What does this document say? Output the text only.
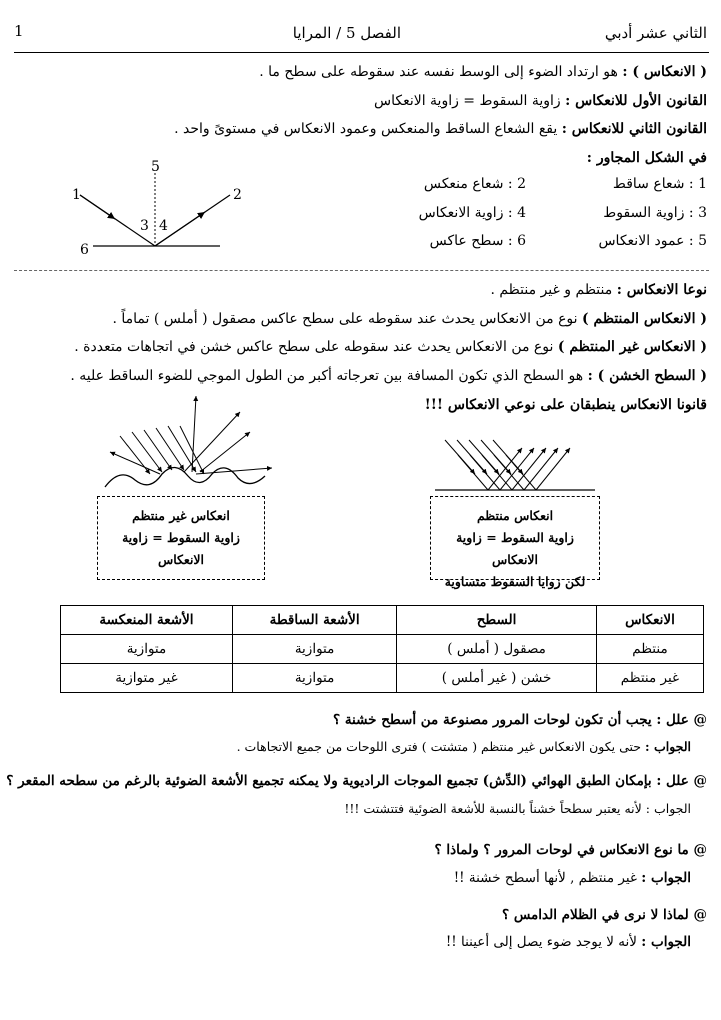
1	الفصل 5 / المرايا	الثاني عشر أدبي
( الانعكاس ) : هو ارتداد الضوء إلى الوسط نفسه عند سقوطه على سطح ما .
القانون الأول للانعكاس : زاوية السقوط = زاوية الانعكاس
القانون الثاني للانعكاس : يقع الشعاع الساقط والمنعكس وعمود الانعكاس في مستوىً واحد .
في الشكل المجاور :
1 : شعاع ساقط
2 : شعاع منعكس
3 : زاوية السقوط
4 : زاوية الانعكاس
5 : عمود الانعكاس
6 : سطح عاكس
1	2
3 4
5
6
نوعا الانعكاس : منتظم و غير منتظم .
( الانعكاس المنتظم ) نوع من الانعكاس يحدث عند سقوطه على سطح عاكس مصقول ( أملس ) تماماً .
( الانعكاس غير المنتظم ) نوع من الانعكاس يحدث عند سقوطه على سطح عاكس خشن في اتجاهات متعددة .
( السطح الخشن ) : هو السطح الذي تكون المسافة بين تعرجاته أكبر من الطول الموجي للضوء الساقط عليه .
قانونا الانعكاس ينطبقان على نوعي الانعكاس !!!
انعكاس غير منتظم
زاوية السقوط = زاوية
الانعكاس
انعكاس منتظم
زاوية السقوط = زاوية الانعكاس
لكن زوايا السقوط متساوية
الانعكاس	السطح	الأشعة الساقطة	الأشعة المنعكسة
منتظم	مصقول ( أملس )	متوازية	متوازية
غير منتظم	خشن ( غير أملس )	متوازية	غير متوازية
@ علل : يجب أن تكون لوحات المرور مصنوعة من أسطح خشنة ؟
الجواب : حتى يكون الانعكاس غير منتظم ( متشتت ) فترى اللوحات من جميع الاتجاهات .
@ علل : بإمكان الطبق الهوائي (الدِّش) تجميع الموجات الراديوية ولا يمكنه تجميع الأشعة الضوئية بالرغم من سطحه المقعر ؟
الجواب : لأنه يعتبر سطحاً خشناً بالنسبة للأشعة الضوئية فتتشتت !!!
@ ما نوع الانعكاس في لوحات المرور ؟ ولماذا ؟
الجواب : غير منتظم , لأنها أسطح خشنة !!
@ لماذا لا نرى في الظلام الدامس ؟
الجواب : لأنه لا يوجد ضوء يصل إلى أعيننا !!
